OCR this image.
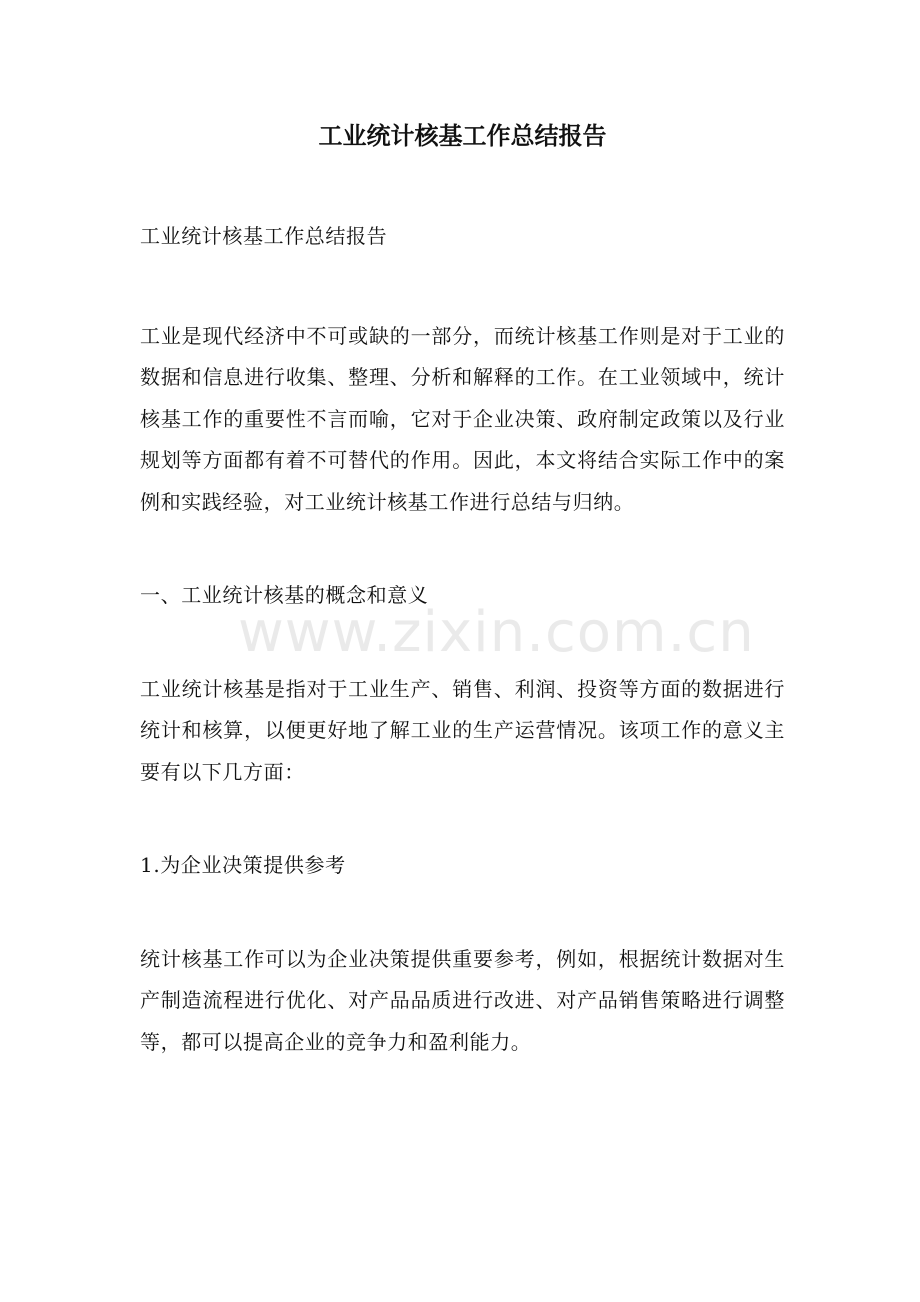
工业统计核基工作总结报告

工业统计核基工作总结报告

工业是现代经济中不可或缺的一部分，而统计核基工作则是对于工业的数据和信息进行收集、整理、分析和解释的工作。在工业领域中，统计核基工作的重要性不言而喻，它对于企业决策、政府制定政策以及行业规划等方面都有着不可替代的作用。因此，本文将结合实际工作中的案例和实践经验，对工业统计核基工作进行总结与归纳。

一、工业统计核基的概念和意义

工业统计核基是指对于工业生产、销售、利润、投资等方面的数据进行统计和核算，以便更好地了解工业的生产运营情况。该项工作的意义主要有以下几方面：

1.为企业决策提供参考

统计核基工作可以为企业决策提供重要参考，例如，根据统计数据对生产制造流程进行优化、对产品品质进行改进、对产品销售策略进行调整等，都可以提高企业的竞争力和盈利能力。

www.zixin.com.cn
